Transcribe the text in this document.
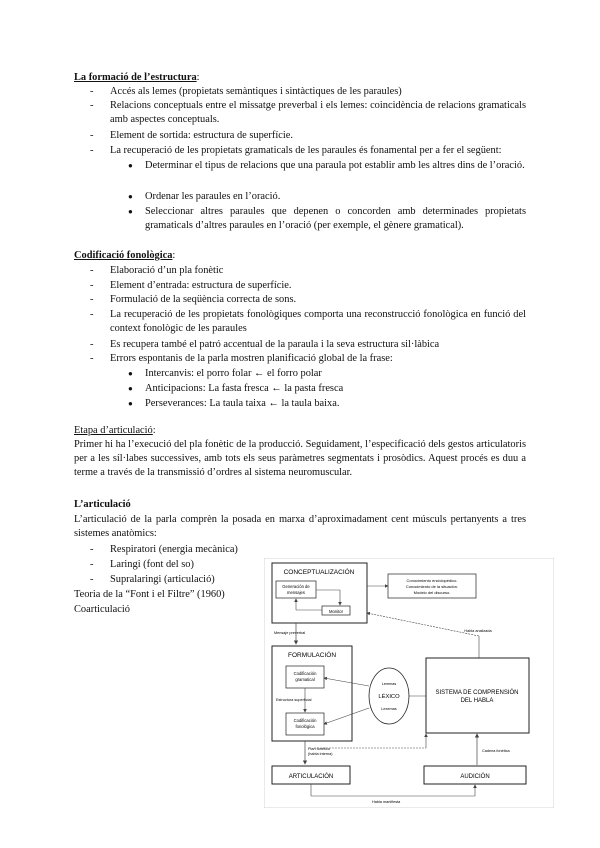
La formació de l’estructura:
- Accés als lemes (propietats semàntiques i sintàctiques de les paraules)
- Relacions conceptuals entre el missatge preverbal i els lemes: coincidència de relacions gramaticals amb aspectes conceptuals.
- Element de sortida: estructura de superfície.
- La recuperació de les propietats gramaticals de les paraules és fonamental per a fer el següent:
● Determinar el tipus de relacions que una paraula pot establir amb les altres dins de l’oració.
● Ordenar les paraules en l’oració.
● Seleccionar altres paraules que depenen o concorden amb determinades propietats gramaticals d’altres paraules en l’oració (per exemple, el gènere gramatical).
Codificació fonològica:
- Elaboració d’un pla fonètic
- Element d’entrada: estructura de superfície.
- Formulació de la seqüència correcta de sons.
- La recuperació de les propietats fonològiques comporta una reconstrucció fonològica en funció del context fonològic de les paraules
- Es recupera també el patró accentual de la paraula i la seva estructura sil·làbica
- Errors espontanis de la parla mostren planificació global de la frase:
● Intercanvis: el porro folar ← el forro polar
● Anticipacions: La fasta fresca ← la pasta fresca
● Perseverances: La taula taixa ← la taula baixa.
Etapa d’articulació:
Primer hi ha l’execució del pla fonètic de la producció. Seguidament, l’especificació dels gestos articulatoris per a les síl·labes successives, amb tots els seus paràmetres segmentats i prosòdics. Aquest procés es duu a terme a través de la transmissió d’ordres al sistema neuromuscular.
L’articulació
L’articulació de la parla comprèn la posada en marxa d’aproximadament cent músculs pertanyents a tres sistemes anatòmics:
- Respiratori (energia mecànica)
- Laringi (font del so)
- Supralaringi (articulació)
Teoria de la “Font i el Filtre” (1960)
Coarticulació
CONCEPTUALIZACIÓN
Generación de
mensajes
Monitor
Conocimiento enciclopédico.
Conocimiento de la situación.
Modelo del discurso.
Mensaje preverbal	Habla analizada
FORMULACIÓN
Codificación
gramatical
Estructura superficial
Codificación
fonológica
Lemmas
LÉXICO
Lexemas
SISTEMA DE COMPRENSIÓN
DEL HABLA
Plan fonético
(habla interna)
Cadena fonética
ARTICULACIÓN	AUDICIÓN
Habla manifiesta
